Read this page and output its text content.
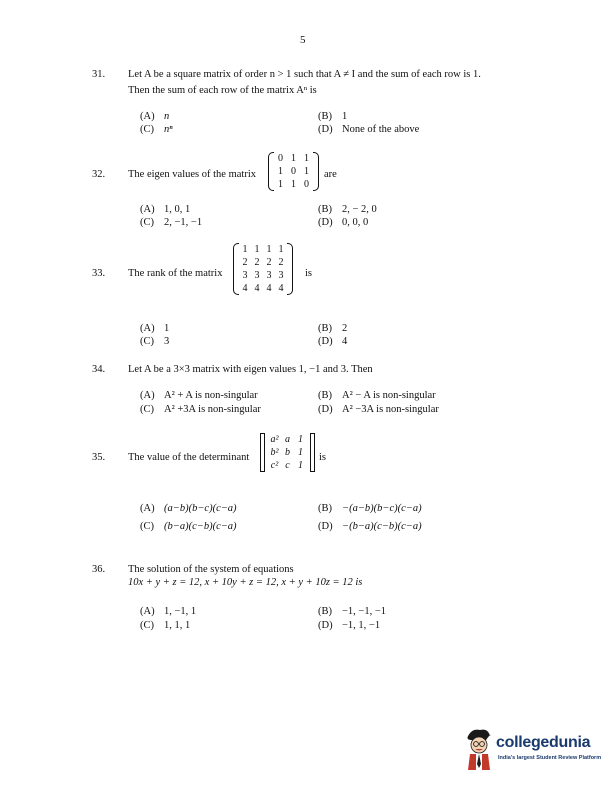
5
31. Let A be a square matrix of order n > 1 such that A ≠ I and the sum of each row is 1.
Then the sum of each row of the matrix Aⁿ is
(A) n	(B) 1
(C) nⁿ	(D) None of the above
32. The eigen values of the matrix
0 1 1
1 0 1
1 1 0
are
(A) 1, 0, 1	(B) 2, − 2, 0
(C) 2, −1, −1	(D) 0, 0, 0
33. The rank of the matrix
1 1 1 1
2 2 2 2
3 3 3 3
4 4 4 4
is
(A) 1	(B) 2
(C) 3	(D) 4
34. Let A be a 3×3 matrix with eigen values 1, −1 and 3. Then
(A) A² + A is non-singular	(B) A² − A is non-singular
(C) A² +3A is non-singular	(D) A² −3A is non-singular
35. The value of the determinant
a² a 1
b² b 1
c² c 1
is
(A) (a−b)(b−c)(c−a)	(B) −(a−b)(b−c)(c−a)
(C) (b−a)(c−b)(c−a)	(D) −(b−a)(c−b)(c−a)
36. The solution of the system of equations
10x + y + z = 12, x + 10y + z = 12, x + y + 10z = 12 is
(A) 1, −1, 1	(B) −1, −1, −1
(C) 1, 1, 1	(D) −1, 1, −1
collegedunia
India's largest Student Review Platform
